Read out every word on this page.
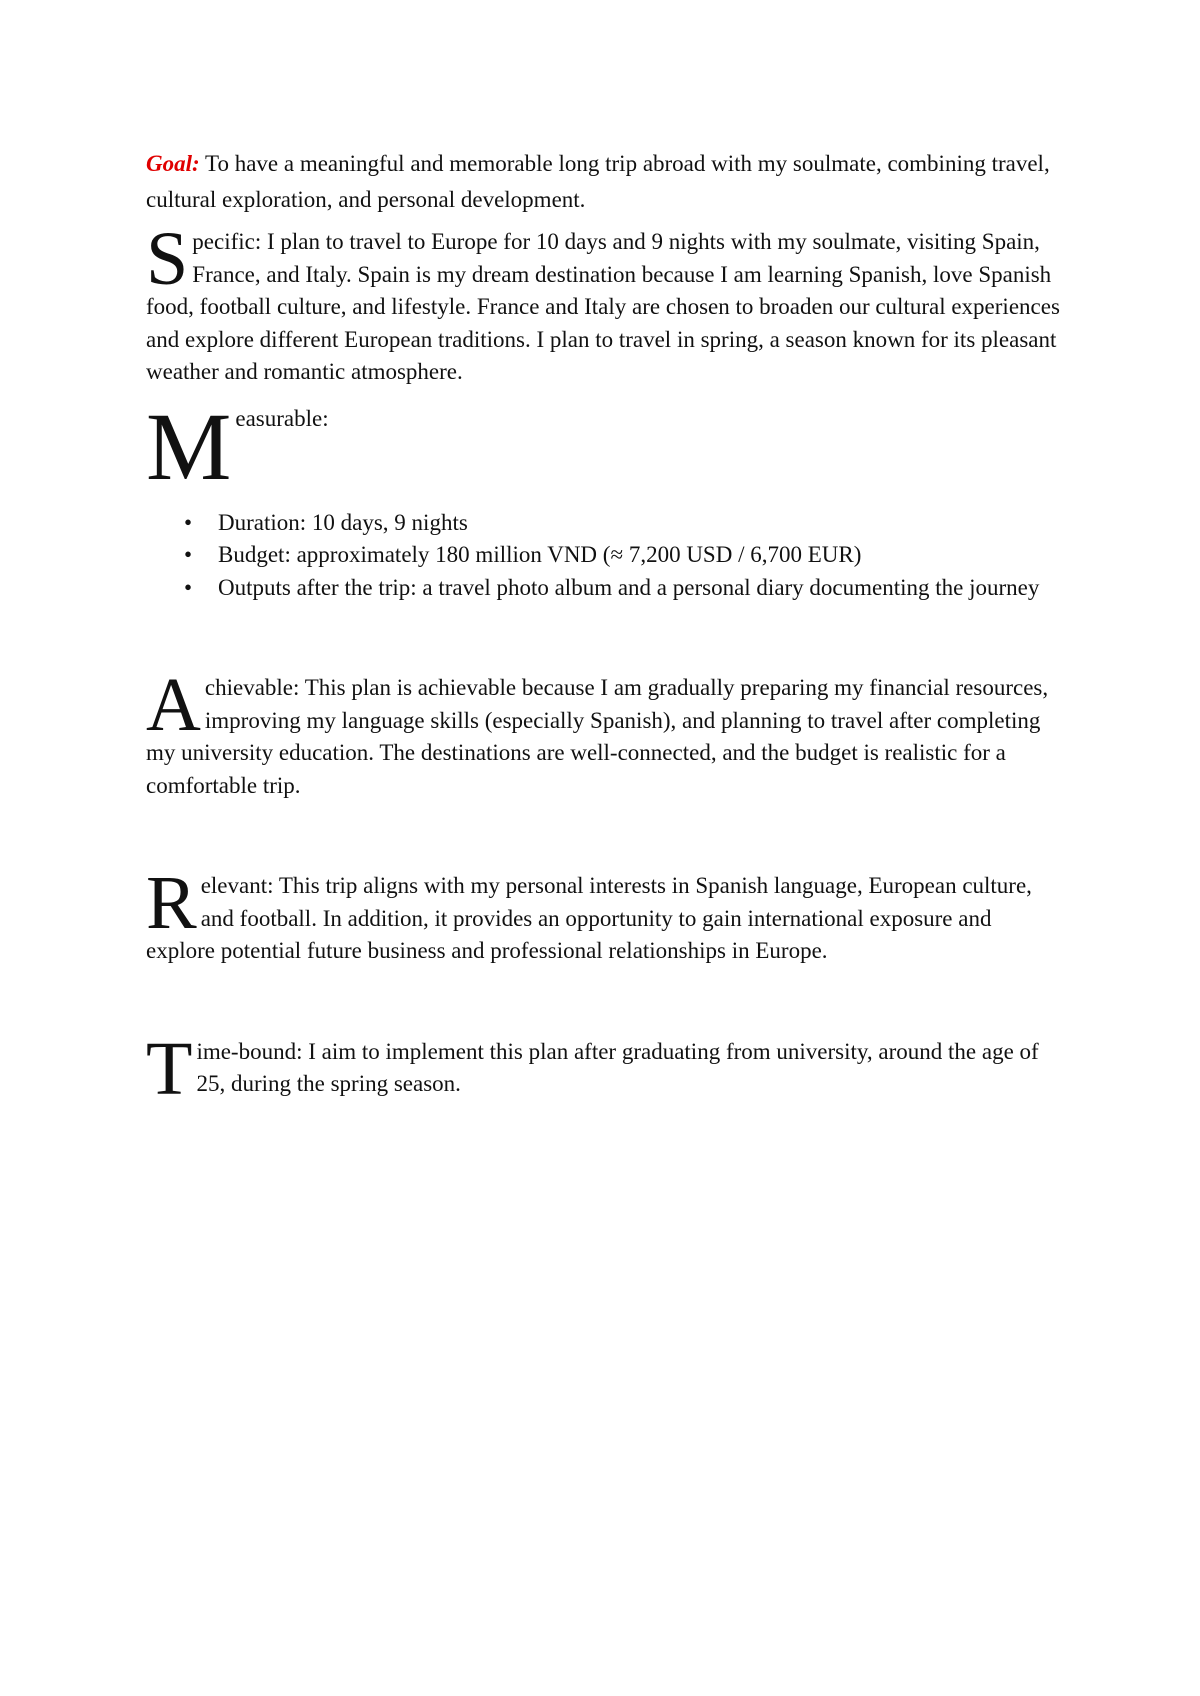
Goal: To have a meaningful and memorable long trip abroad with my soulmate, combining travel, cultural exploration, and personal development.

Specific: I plan to travel to Europe for 10 days and 9 nights with my soulmate, visiting Spain, France, and Italy. Spain is my dream destination because I am learning Spanish, love Spanish food, football culture, and lifestyle. France and Italy are chosen to broaden our cultural experiences and explore different European traditions. I plan to travel in spring, a season known for its pleasant weather and romantic atmosphere.

Measurable:

• Duration: 10 days, 9 nights
• Budget: approximately 180 million VND (≈ 7,200 USD / 6,700 EUR)
• Outputs after the trip: a travel photo album and a personal diary documenting the journey

Achievable: This plan is achievable because I am gradually preparing my financial resources, improving my language skills (especially Spanish), and planning to travel after completing my university education. The destinations are well-connected, and the budget is realistic for a comfortable trip.

Relevant: This trip aligns with my personal interests in Spanish language, European culture, and football. In addition, it provides an opportunity to gain international exposure and explore potential future business and professional relationships in Europe.

Time-bound: I aim to implement this plan after graduating from university, around the age of 25, during the spring season.
